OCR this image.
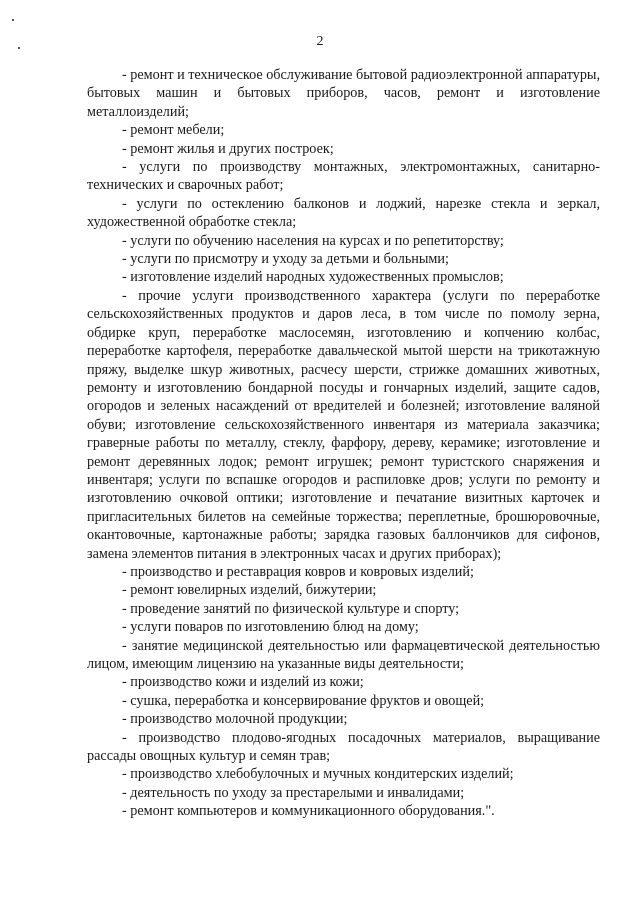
2

- ремонт и техническое обслуживание бытовой радиоэлектронной аппаратуры, бытовых машин и бытовых приборов, часов, ремонт и изготовление металлоизделий;

- ремонт мебели;

- ремонт жилья и других построек;

- услуги по производству монтажных, электромонтажных, санитарно-технических и сварочных работ;

- услуги по остеклению балконов и лоджий, нарезке стекла и зеркал, художественной обработке стекла;

- услуги по обучению населения на курсах и по репетиторству;

- услуги по присмотру и уходу за детьми и больными;

- изготовление изделий народных художественных промыслов;

- прочие услуги производственного характера (услуги по переработке сельскохозяйственных продуктов и даров леса, в том числе по помолу зерна, обдирке круп, переработке маслосемян, изготовлению и копчению колбас, переработке картофеля, переработке давальческой мытой шерсти на трикотажную пряжу, выделке шкур животных, расчесу шерсти, стрижке домашних животных, ремонту и изготовлению бондарной посуды и гончарных изделий, защите садов, огородов и зеленых насаждений от вредителей и болезней; изготовление валяной обуви; изготовление сельскохозяйственного инвентаря из материала заказчика; граверные работы по металлу, стеклу, фарфору, дереву, керамике; изготовление и ремонт деревянных лодок; ремонт игрушек; ремонт туристского снаряжения и инвентаря; услуги по вспашке огородов и распиловке дров; услуги по ремонту и изготовлению очковой оптики; изготовление и печатание визитных карточек и пригласительных билетов на семейные торжества; переплетные, брошюровочные, окантовочные, картонажные работы; зарядка газовых баллончиков для сифонов, замена элементов питания в электронных часах и других приборах);

- производство и реставрация ковров и ковровых изделий;

- ремонт ювелирных изделий, бижутерии;

- проведение занятий по физической культуре и спорту;

- услуги поваров по изготовлению блюд на дому;

- занятие медицинской деятельностью или фармацевтической деятельностью лицом, имеющим лицензию на указанные виды деятельности;

- производство кожи и изделий из кожи;

- сушка, переработка и консервирование фруктов и овощей;

- производство молочной продукции;

- производство плодово-ягодных посадочных материалов, выращивание рассады овощных культур и семян трав;

- производство хлебобулочных и мучных кондитерских изделий;

- деятельность по уходу за престарелыми и инвалидами;

- ремонт компьютеров и коммуникационного оборудования.".
